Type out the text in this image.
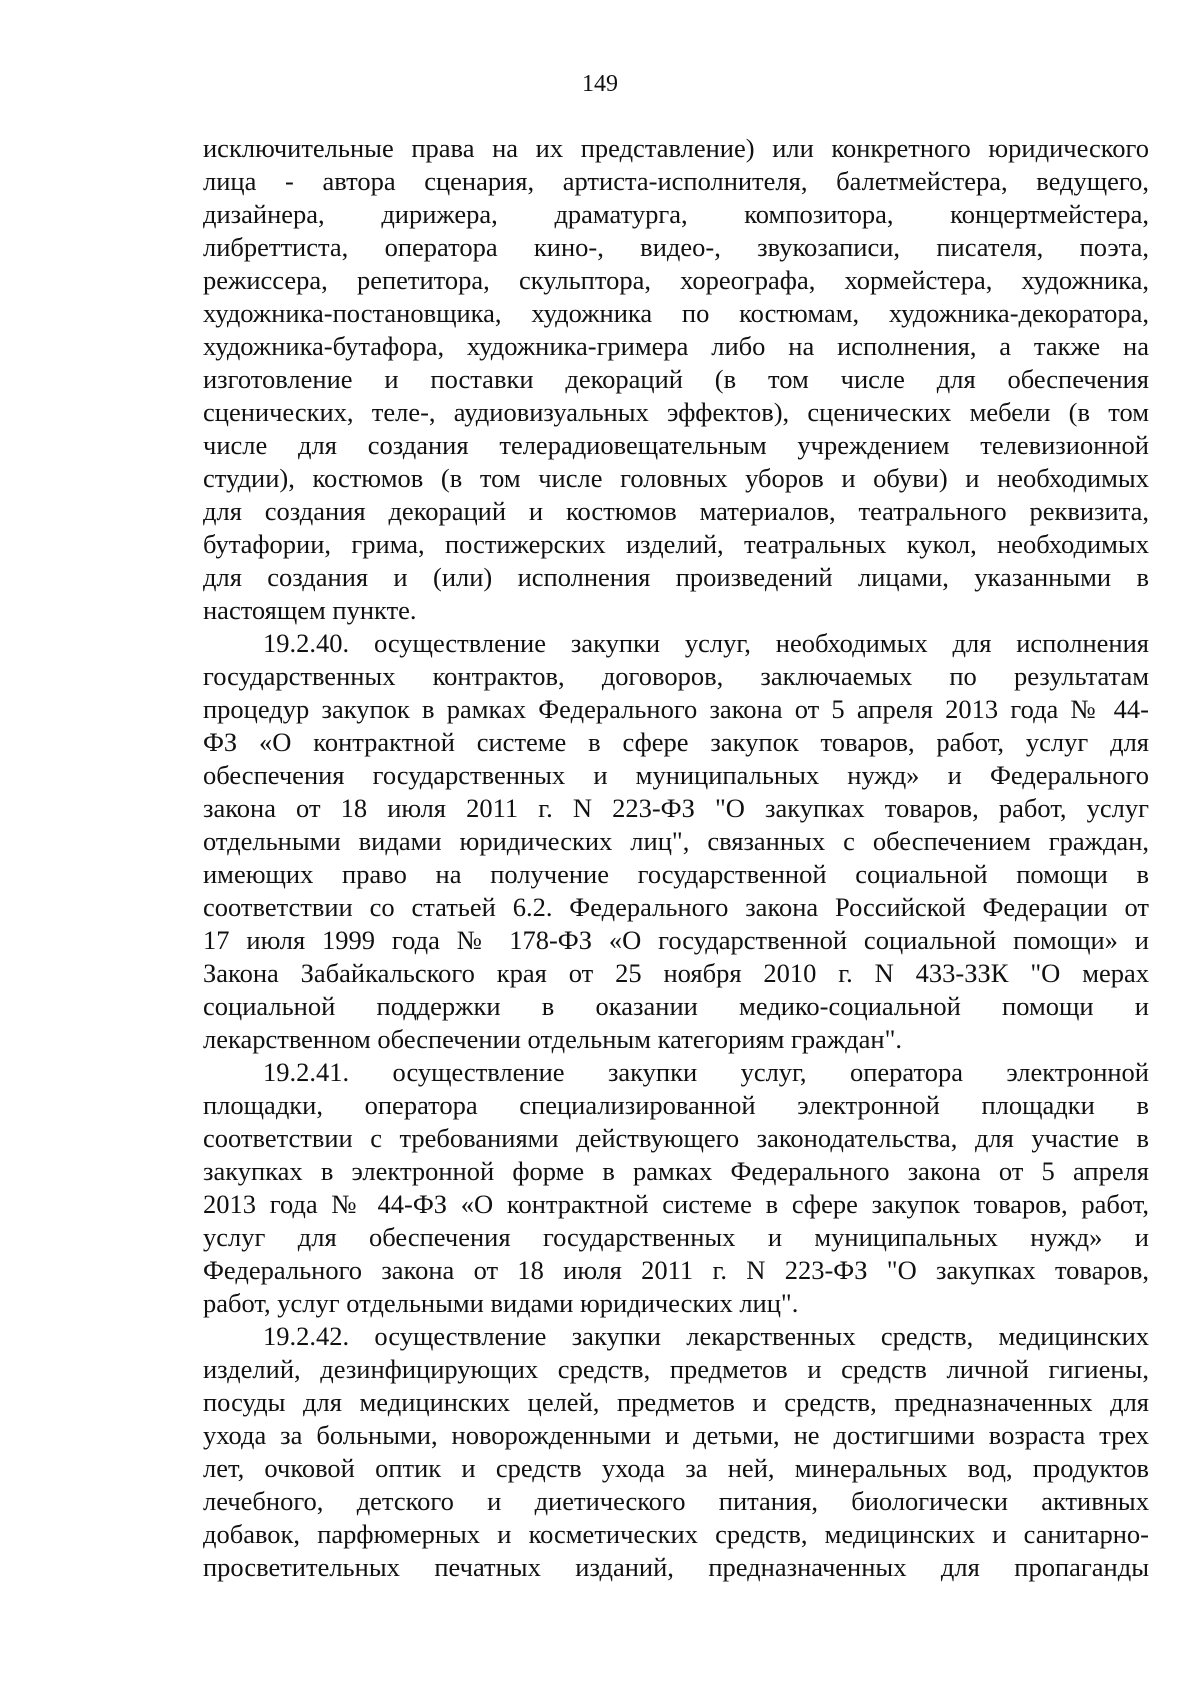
149
исключительные права на их представление) или конкретного юридического
лица - автора сценария, артиста-исполнителя, балетмейстера, ведущего,
дизайнера, дирижера, драматурга, композитора, концертмейстера,
либреттиста, оператора кино-, видео-, звукозаписи, писателя, поэта,
режиссера, репетитора, скульптора, хореографа, хормейстера, художника,
художника-постановщика, художника по костюмам, художника-декоратора,
художника-бутафора, художника-гримера либо на исполнения, а также на
изготовление и поставки декораций (в том числе для обеспечения
сценических, теле-, аудиовизуальных эффектов), сценических мебели (в том
числе для создания телерадиовещательным учреждением телевизионной
студии), костюмов (в том числе головных уборов и обуви) и необходимых
для создания декораций и костюмов материалов, театрального реквизита,
бутафории, грима, постижерских изделий, театральных кукол, необходимых
для создания и (или) исполнения произведений лицами, указанными в
настоящем пункте.
19.2.40. осуществление закупки услуг, необходимых для исполнения
государственных контрактов, договоров, заключаемых по результатам
процедур закупок в рамках Федерального закона от 5 апреля 2013 года № 44-
ФЗ «О контрактной системе в сфере закупок товаров, работ, услуг для
обеспечения государственных и муниципальных нужд» и Федерального
закона от 18 июля 2011 г. N 223-ФЗ "О закупках товаров, работ, услуг
отдельными видами юридических лиц", связанных с обеспечением граждан,
имеющих право на получение государственной социальной помощи в
соответствии со статьей 6.2. Федерального закона Российской Федерации от
17 июля 1999 года № 178-ФЗ «О государственной социальной помощи» и
Закона Забайкальского края от 25 ноября 2010 г. N 433-ЗЗК "О мерах
социальной поддержки в оказании медико-социальной помощи и
лекарственном обеспечении отдельным категориям граждан".
19.2.41. осуществление закупки услуг, оператора электронной
площадки, оператора специализированной электронной площадки в
соответствии с требованиями действующего законодательства, для участие в
закупках в электронной форме в рамках Федерального закона от 5 апреля
2013 года № 44-ФЗ «О контрактной системе в сфере закупок товаров, работ,
услуг для обеспечения государственных и муниципальных нужд» и
Федерального закона от 18 июля 2011 г. N 223-ФЗ "О закупках товаров,
работ, услуг отдельными видами юридических лиц".
19.2.42. осуществление закупки лекарственных средств, медицинских
изделий, дезинфицирующих средств, предметов и средств личной гигиены,
посуды для медицинских целей, предметов и средств, предназначенных для
ухода за больными, новорожденными и детьми, не достигшими возраста трех
лет, очковой оптик и средств ухода за ней, минеральных вод, продуктов
лечебного, детского и диетического питания, биологически активных
добавок, парфюмерных и косметических средств, медицинских и санитарно-
просветительных печатных изданий, предназначенных для пропаганды
